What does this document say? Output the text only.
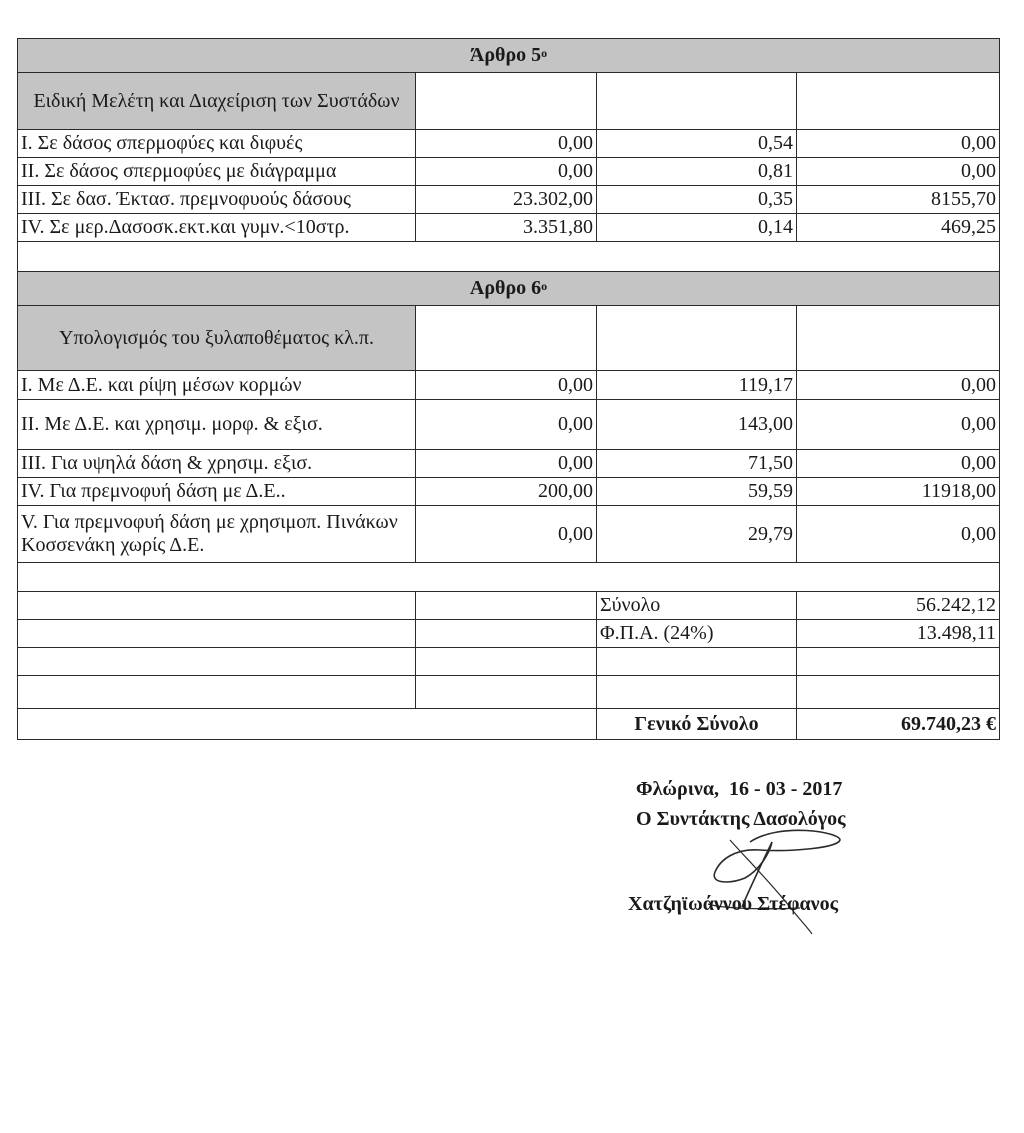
Άρθρο $5^o$
Ειδική Μελέτη και Διαχείριση των Συστάδων			
Ι. Σε δάσος σπερμοφύες και διφυές	0,00	0,54	0,00
ΙΙ. Σε δάσος σπερμοφύες με διάγραμμα	0,00	0,81	0,00
ΙΙΙ. Σε δασ. Έκτασ. πρεμνοφυούς δάσους	23.302,00	0,35	8155,70
IV. Σε μερ.Δασοσκ.εκτ.και γυμν.<10στρ.	3.351,80	0,14	469,25

Αρθρο $6^o$
Υπολογισμός του ξυλαποθέματος κλ.π.			
Ι. Με Δ.Ε. και ρίψη μέσων κορμών	0,00	119,17	0,00
ΙΙ. Με Δ.Ε. και χρησιμ. μορφ. & εξισ.	0,00	143,00	0,00
ΙΙΙ. Για υψηλά δάση & χρησιμ. εξισ.	0,00	71,50	0,00
IV. Για πρεμνοφυή δάση με Δ.Ε..	200,00	59,59	11918,00
V. Για πρεμνοφυή δάση με χρησιμοπ. Πινάκων Κοσσενάκη χωρίς Δ.Ε.	0,00	29,79	0,00

		Σύνολο	56.242,12
		Φ.Π.Α. (24%)	13.498,11

		Γενικό Σύνολο	69.740,23 €
Φλώρινα,  16 - 03 - 2017
Ο Συντάκτης Δασολόγος
Χατζηϊωάννου Στέφανος
